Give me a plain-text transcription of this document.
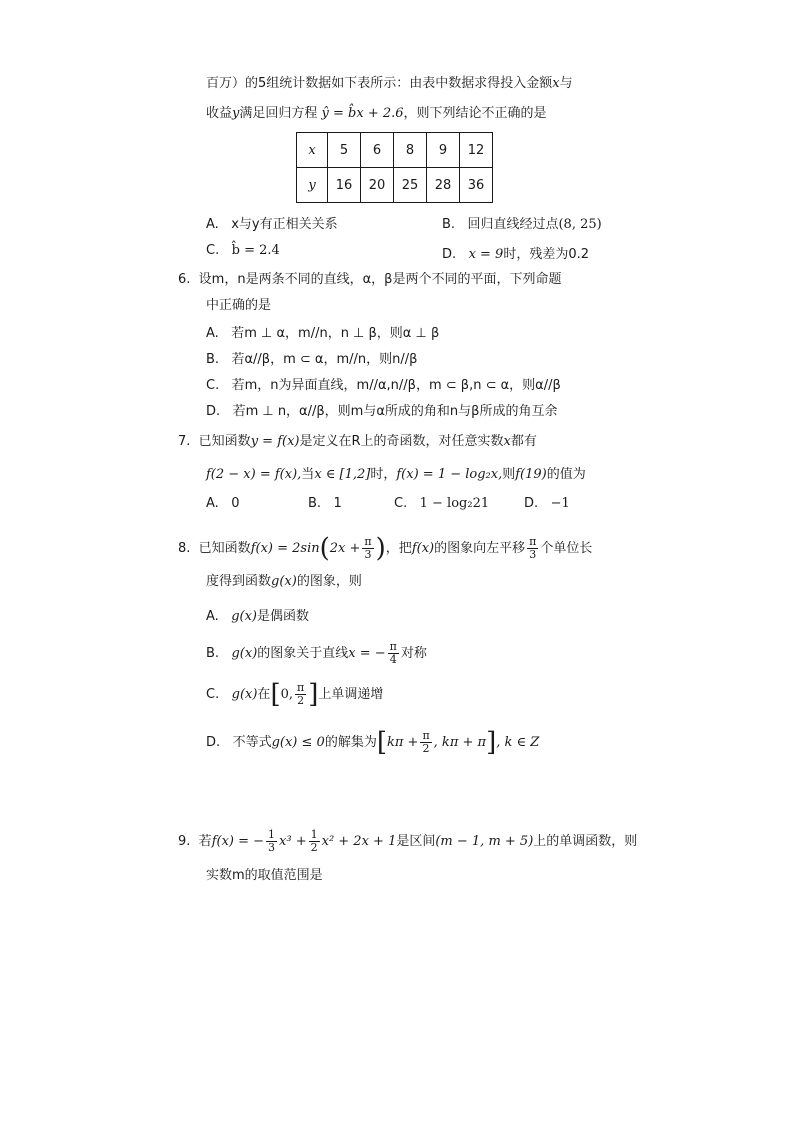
百万）的5组统计数据如下表所示：由表中数据求得投入金额x与
收益y满足回归方程 ŷ = b̂x + 2.6，则下列结论不正确的是
x	5	6	8	9	12
y	16	20	25	28	36
A. x与y有正相关关系	B. 回归直线经过点(8, 25)
C. b̂ = 2.4	D. x = 9时，残差为0.2
6. 设m，n是两条不同的直线，α，β是两个不同的平面，下列命题
中正确的是
A. 若m ⊥ α，m//n，n ⊥ β，则α ⊥ β
B. 若α//β，m ⊂ α，m//n，则n//β
C. 若m，n为异面直线，m//α,n//β，m ⊂ β,n ⊂ α，则α//β
D. 若m ⊥ n，α//β，则m与α所成的角和n与β所成的角互余
7. 已知函数y = f(x)是定义在R上的奇函数，对任意实数x都有
f(2 − x) = f(x),当x ∈ [1,2]时，f(x) = 1 − log₂x,则f(19)的值为
A. 0	B. 1	C. 1 − log₂21	D. −1
8. 已知函数$f(x) = 2\sin(2x + \frac{\pi}{3}$ )，把f(x)的图象向左平移 $\frac{\pi}{3}$ 个单位长
度得到函数g(x)的图象，则
A. g(x)是偶函数
B. g(x)的图象关于直线x = − $\frac{\pi}{4}$ 对称
C. g(x)在[0, $\frac{\pi}{2}$ ]上单调递增
D. 不等式g(x) ≤ 0的解集为[$k\pi + \frac{\pi}{2}$ , kπ + π], k ∈ Z
9. 若f(x) = − $\frac{1}{3} x^3 + \frac{1}{2} x^2 + 2x + 1$是区间(m − 1, m + 5)上的单调函数，则
实数m的取值范围是
